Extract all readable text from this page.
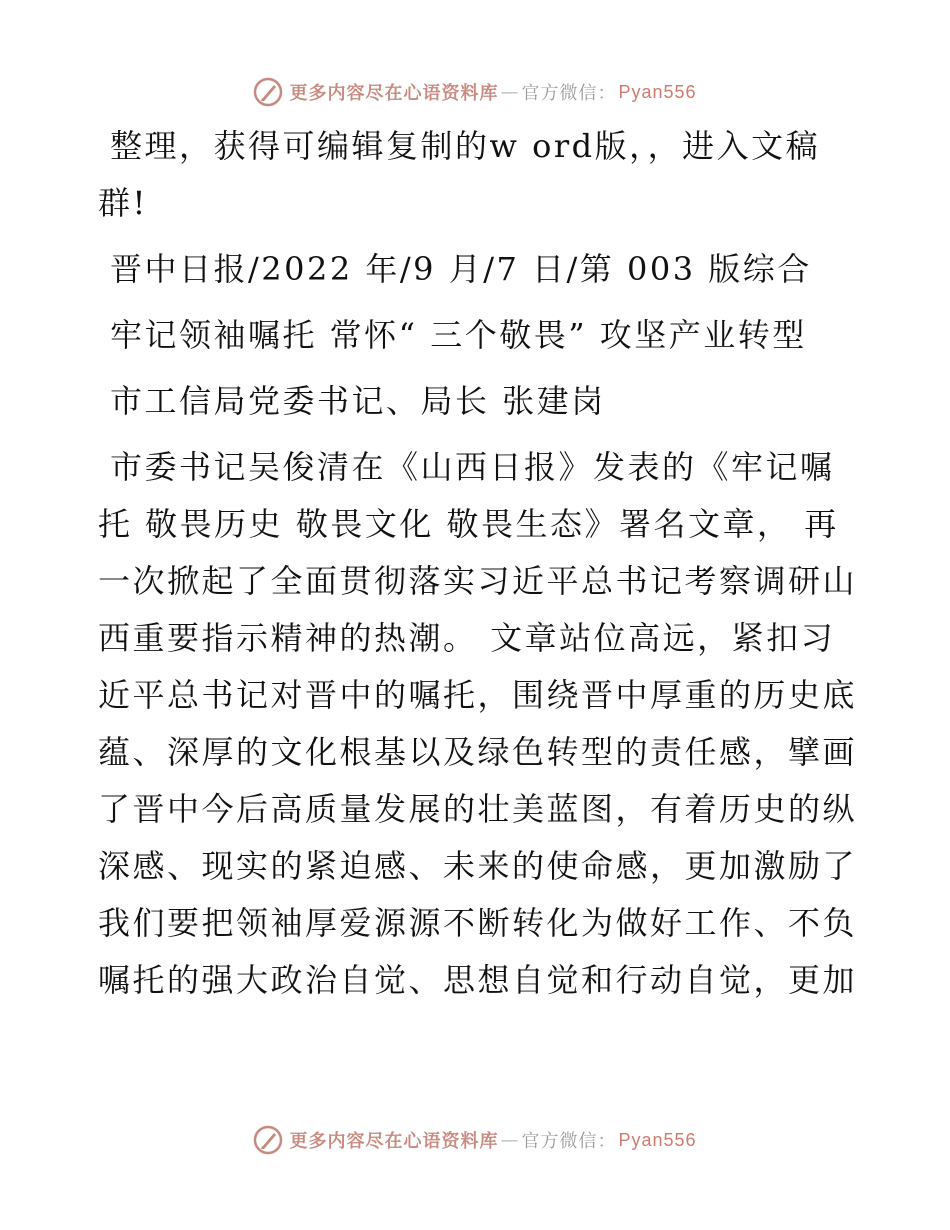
更多内容尽在心语资料库 — 官方微信： Pyan556

整理，获得可编辑复制的w ord版，，进入文稿群!

晋中日报/2022 年/9 月/7 日/第 003 版综合

牢记领袖嘱托 常怀“ 三个敬畏” 攻坚产业转型

市工信局党委书记、局长 张建岗

市委书记吴俊清在《山西日报》发表的《牢记嘱托 敬畏历史 敬畏文化 敬畏生态》署名文章， 再一次掀起了全面贯彻落实习近平总书记考察调研山西重要指示精神的热潮。 文章站位高远，紧扣习近平总书记对晋中的嘱托，围绕晋中厚重的历史底蕴、深厚的文化根基以及绿色转型的责任感，擘画了晋中今后高质量发展的壮美蓝图，有着历史的纵深感、现实的紧迫感、未来的使命感，更加激励了我们要把领袖厚爱源源不断转化为做好工作、不负嘱托的强大政治自觉、思想自觉和行动自觉，更加

更多内容尽在心语资料库 — 官方微信： Pyan556
